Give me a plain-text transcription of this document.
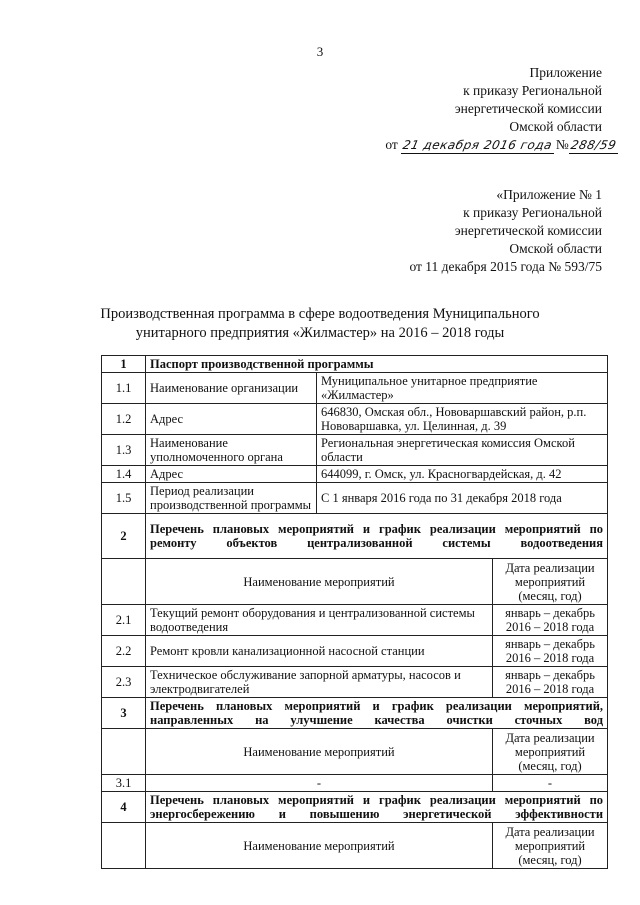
3
Приложение
к приказу Региональной
энергетической комиссии
Омской области
от 21 декабря 2016 года № 288/59
«Приложение № 1
к приказу Региональной
энергетической комиссии
Омской области
от 11 декабря 2015 года № 593/75
Производственная программа в сфере водоотведения Муниципального унитарного предприятия «Жилмастер» на 2016 – 2018 годы
1	Паспорт производственной программы		
1.1	Наименование организации	Муниципальное унитарное предприятие «Жилмастер»	
1.2	Адрес	646830, Омская обл., Нововаршавский район, р.п. Нововаршавка, ул. Целинная, д. 39	
1.3	Наименование уполномоченного органа	Региональная энергетическая комиссия Омской области	
1.4	Адрес	644099, г. Омск, ул. Красногвардейская, д. 42	
1.5	Период реализации производственной программы	С 1 января 2016 года по 31 декабря 2018 года	
2	Перечень плановых мероприятий и график реализации мероприятий по ремонту объектов централизованной системы водоотведения		
	Наименование мероприятий		Дата реализации мероприятий (месяц, год)
2.1	Текущий ремонт оборудования и централизованной системы водоотведения		январь – декабрь 2016 – 2018 года
2.2	Ремонт кровли канализационной насосной станции		январь – декабрь 2016 – 2018 года
2.3	Техническое обслуживание запорной арматуры, насосов и электродвигателей		январь – декабрь 2016 – 2018 года
3	Перечень плановых мероприятий и график реализации мероприятий, направленных на улучшение качества очистки сточных вод		
	Наименование мероприятий		Дата реализации мероприятий (месяц, год)
3.1	-		-
4	Перечень плановых мероприятий и график реализации мероприятий по энергосбережению и повышению энергетической эффективности		
	Наименование мероприятий		Дата реализации мероприятий (месяц, год)
